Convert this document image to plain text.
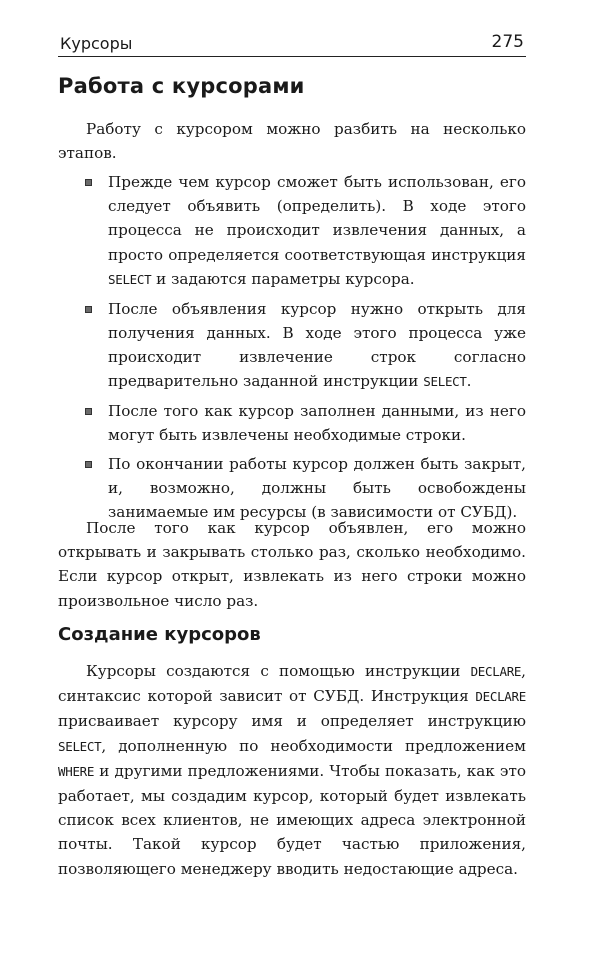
Курсоры	275
Работа с курсорами

Работу с курсором можно разбить на несколько этапов.

Прежде чем курсор сможет быть использован, его следует объявить (определить). В ходе этого процесса не происходит извлечения данных, а просто определяется соответствующая инструкция SELECT и задаются параметры курсора.
После объявления курсор нужно открыть для получения данных. В ходе этого процесса уже происходит извлечение строк согласно предварительно заданной инструкции SELECT.
После того как курсор заполнен данными, из него могут быть извлечены необходимые строки.
По окончании работы курсор должен быть закрыт, и, возможно, должны быть освобождены занимаемые им ресурсы (в зависимости от СУБД).

После того как курсор объявлен, его можно открывать и закрывать столько раз, сколько необходимо. Если курсор открыт, извлекать из него строки можно произвольное число раз.

Создание курсоров

Курсоры создаются с помощью инструкции DECLARE, синтаксис которой зависит от СУБД. Инструкция DECLARE присваивает курсору имя и определяет инструкцию SELECT, дополненную по необходимости предложением WHERE и другими предложениями. Чтобы показать, как это работает, мы создадим курсор, который будет извлекать список всех клиентов, не имеющих адреса электронной почты. Такой курсор будет частью приложения, позволяющего менеджеру вводить недостающие адреса.
